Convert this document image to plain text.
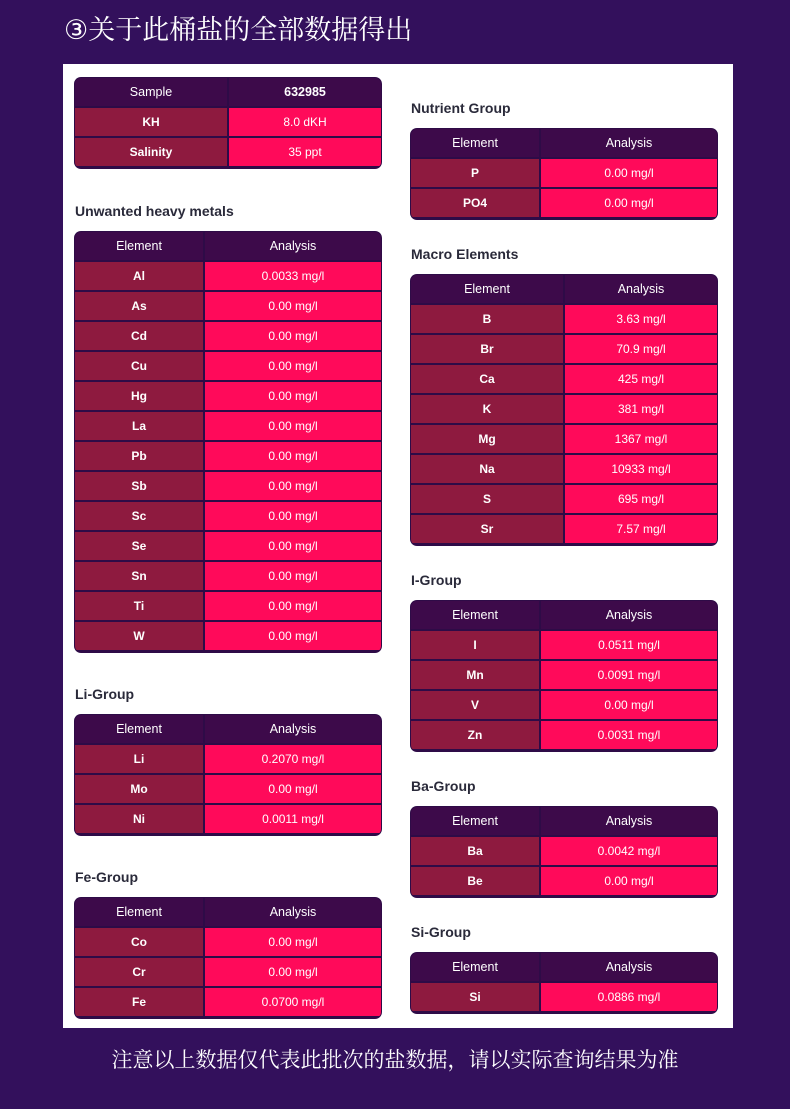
③关于此桶盐的全部数据得出
Sample	632985
KH	8.0 dKH
Salinity	35 ppt
Unwanted heavy metals
Element	Analysis
Al	0.0033 mg/l
As	0.00 mg/l
Cd	0.00 mg/l
Cu	0.00 mg/l
Hg	0.00 mg/l
La	0.00 mg/l
Pb	0.00 mg/l
Sb	0.00 mg/l
Sc	0.00 mg/l
Se	0.00 mg/l
Sn	0.00 mg/l
Ti	0.00 mg/l
W	0.00 mg/l
Li-Group
Element	Analysis
Li	0.2070 mg/l
Mo	0.00 mg/l
Ni	0.0011 mg/l
Fe-Group
Element	Analysis
Co	0.00 mg/l
Cr	0.00 mg/l
Fe	0.0700 mg/l
Nutrient Group
Element	Analysis
P	0.00 mg/l
PO4	0.00 mg/l
Macro Elements
Element	Analysis
B	3.63 mg/l
Br	70.9 mg/l
Ca	425 mg/l
K	381 mg/l
Mg	1367 mg/l
Na	10933 mg/l
S	695 mg/l
Sr	7.57 mg/l
I-Group
Element	Analysis
I	0.0511 mg/l
Mn	0.0091 mg/l
V	0.00 mg/l
Zn	0.0031 mg/l
Ba-Group
Element	Analysis
Ba	0.0042 mg/l
Be	0.00 mg/l
Si-Group
Element	Analysis
Si	0.0886 mg/l
注意以上数据仅代表此批次的盐数据，请以实际查询结果为准
